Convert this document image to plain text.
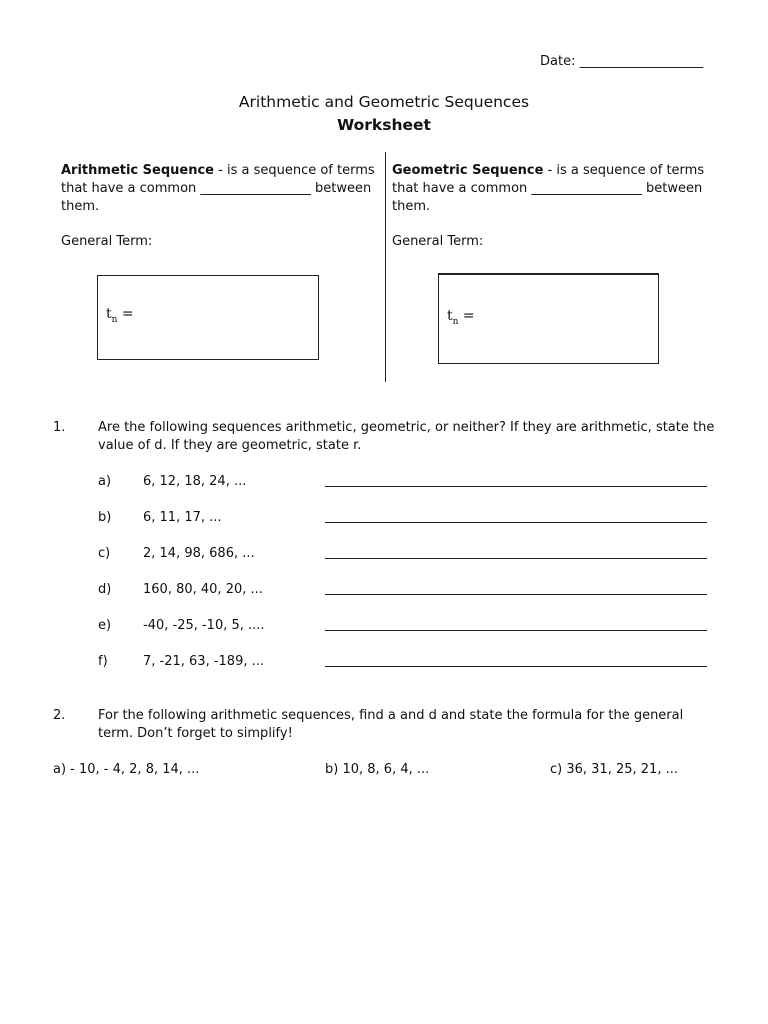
Date: ___________________
Arithmetic and Geometric Sequences
Worksheet
Arithmetic Sequence - is a sequence of terms that have a common _________________ between them.
General Term:
$t_n$ =
Geometric Sequence - is a sequence of terms that have a common _________________ between them.
General Term:
$t_n$ =
1.	Are the following sequences arithmetic, geometric, or neither? If they are arithmetic, state the value of d. If they are geometric, state r.
a) 6, 12, 18, 24, ...
b) 6, 11, 17, ...
c)	2, 14, 98, 686, ...
d) 160, 80, 40, 20, ...
e) -40, -25, -10, 5, ....
f)	7, -21, 63, -189, ...
2.	For the following arithmetic sequences, find a and d and state the formula for the general term. Don’t forget to simplify!
a) - 10, - 4, 2, 8, 14, ...	b) 10, 8, 6, 4, ...	c) 36, 31, 25, 21, ...
